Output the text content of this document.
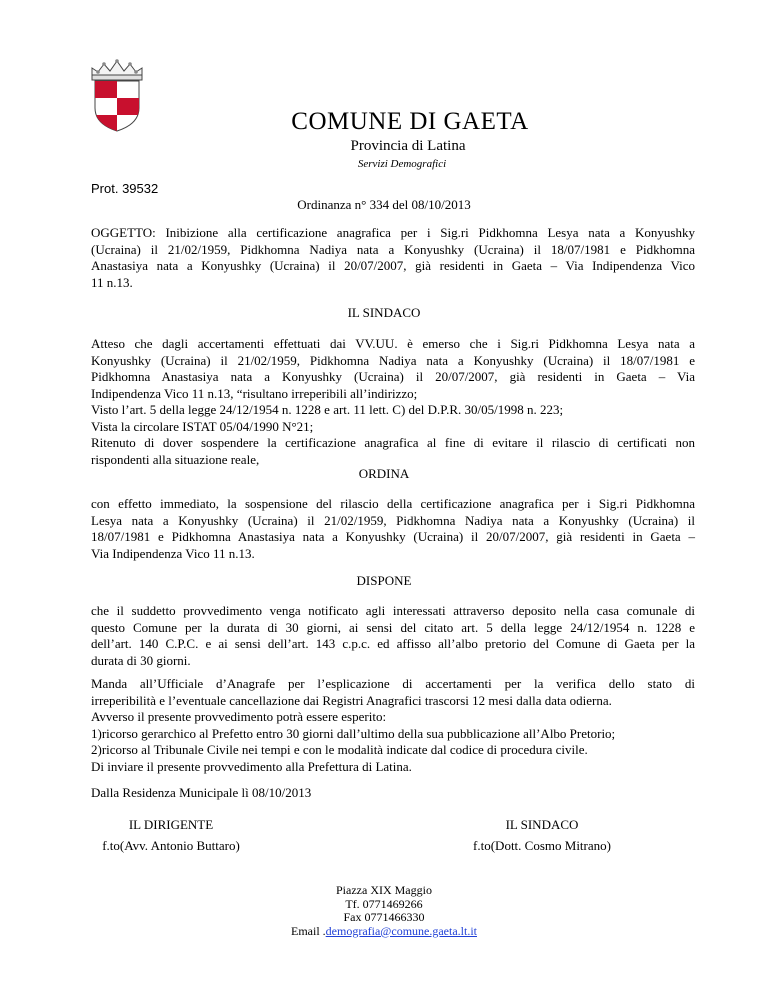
COMUNE DI GAETA
Provincia di Latina
Servizi Demografici
Prot. 39532
Ordinanza n° 334 del 08/10/2013
OGGETTO: Inibizione alla certificazione anagrafica per i Sig.ri Pidkhomna Lesya nata a Konyushky
(Ucraina) il 21/02/1959, Pidkhomna Nadiya nata a Konyushky (Ucraina) il 18/07/1981 e Pidkhomna
Anastasiya nata a Konyushky (Ucraina) il 20/07/2007, già residenti in Gaeta – Via Indipendenza Vico
11 n.13.
IL SINDACO
Atteso che dagli accertamenti effettuati dai VV.UU. è emerso che i Sig.ri Pidkhomna Lesya nata a
Konyushky (Ucraina) il 21/02/1959, Pidkhomna Nadiya nata a Konyushky (Ucraina) il 18/07/1981 e
Pidkhomna Anastasiya nata a Konyushky (Ucraina) il 20/07/2007, già residenti in Gaeta – Via
Indipendenza Vico 11 n.13, “risultano irreperibili all’indirizzo;
Visto l’art. 5 della legge 24/12/1954 n. 1228 e art. 11 lett. C) del D.P.R. 30/05/1998 n. 223;
Vista la circolare ISTAT 05/04/1990 N°21;
Ritenuto di dover sospendere la certificazione anagrafica al fine di evitare il rilascio di certificati non
rispondenti alla situazione reale,
ORDINA
con effetto immediato, la sospensione del rilascio della certificazione anagrafica per i Sig.ri Pidkhomna
Lesya nata a Konyushky (Ucraina) il 21/02/1959, Pidkhomna Nadiya nata a Konyushky (Ucraina) il
18/07/1981 e Pidkhomna Anastasiya nata a Konyushky (Ucraina) il 20/07/2007, già residenti in Gaeta –
Via Indipendenza Vico 11 n.13.
DISPONE
che il suddetto provvedimento venga notificato agli interessati attraverso deposito nella casa comunale di
questo Comune per la durata di 30 giorni, ai sensi del citato art. 5 della legge 24/12/1954 n. 1228 e
dell’art. 140 C.P.C. e ai sensi dell’art. 143 c.p.c. ed affisso all’albo pretorio del Comune di Gaeta per la
durata di 30 giorni.
Manda all’Ufficiale d’Anagrafe per l’esplicazione di accertamenti per la verifica dello stato di
irreperibilità e l’eventuale cancellazione dai Registri Anagrafici trascorsi 12 mesi dalla data odierna.
Avverso il presente provvedimento potrà essere esperito:
1)ricorso gerarchico al Prefetto entro 30 giorni dall’ultimo della sua pubblicazione all’Albo Pretorio;
2)ricorso al Tribunale Civile nei tempi e con le modalità indicate dal codice di procedura civile.
Di inviare il presente provvedimento alla Prefettura di Latina.
Dalla Residenza Municipale lì 08/10/2013
IL DIRIGENTE
f.to(Avv. Antonio Buttaro)
IL SINDACO
f.to(Dott. Cosmo Mitrano)
Piazza XIX Maggio
Tf. 0771469266
Fax 0771466330
Email .demografia@comune.gaeta.lt.it
